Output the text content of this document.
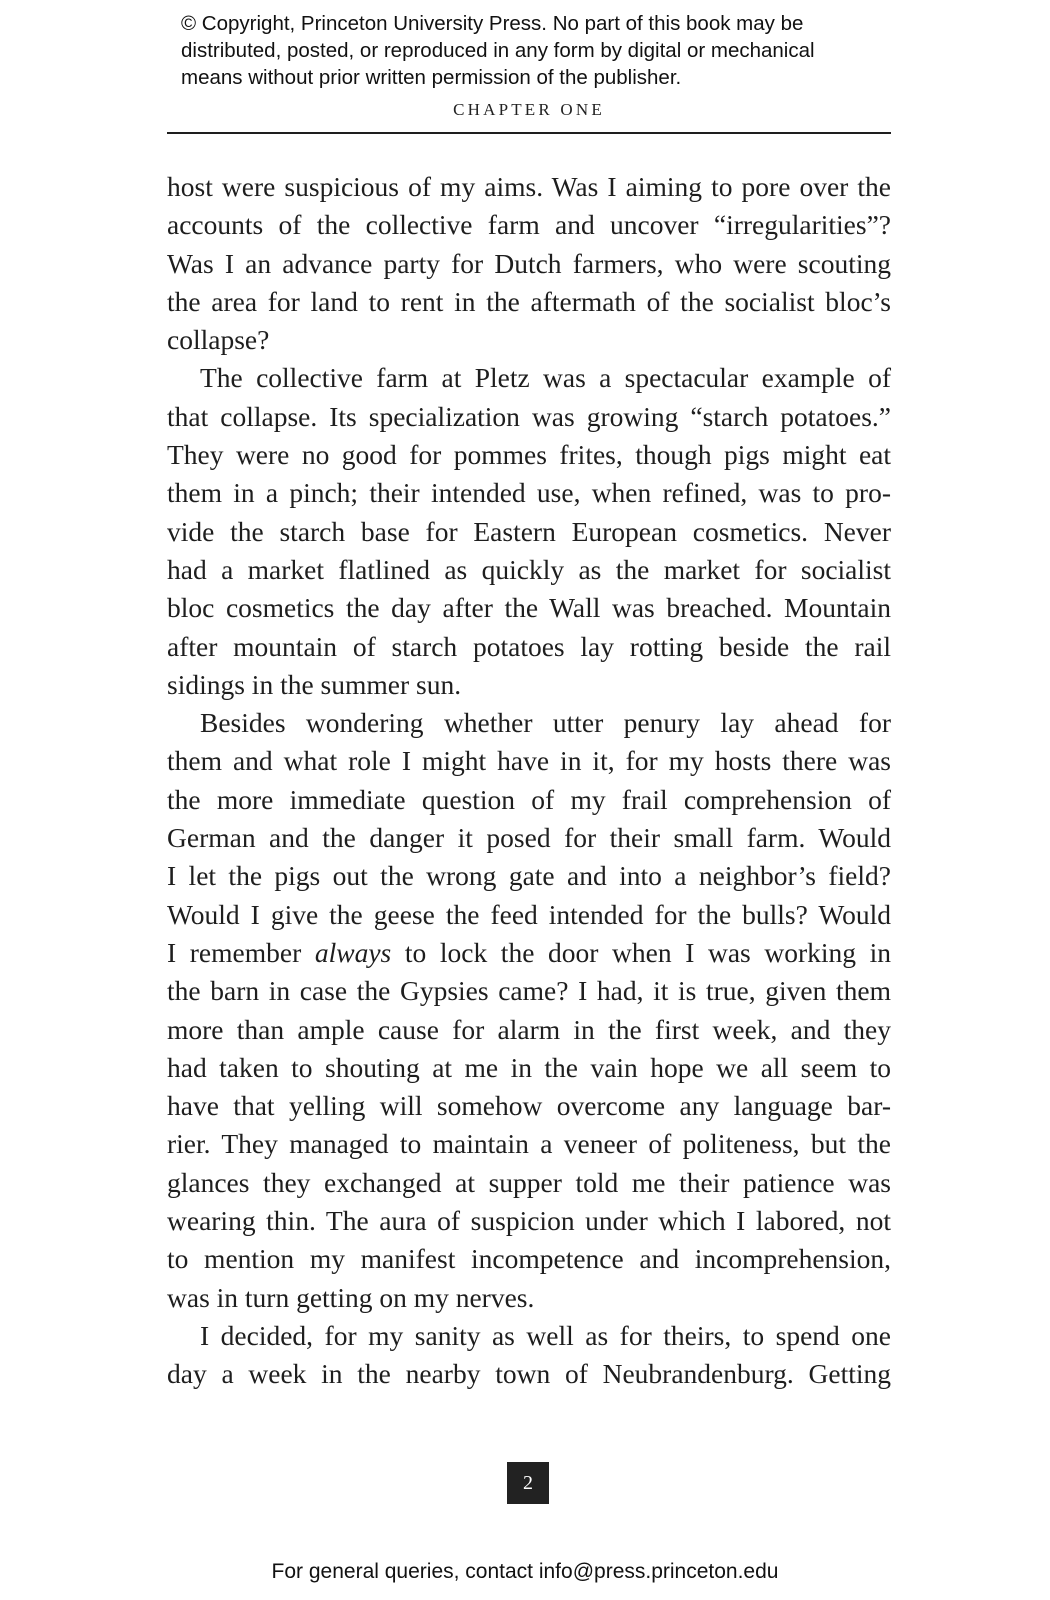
© Copyright, Princeton University Press. No part of this book may be
distributed, posted, or reproduced in any form by digital or mechanical
means without prior written permission of the publisher.
CHAPTER ONE
host were suspicious of my aims. Was I aiming to pore over the
accounts of the collective farm and uncover “irregularities”?
Was I an advance party for Dutch farmers, who were scouting
the area for land to rent in the aftermath of the socialist bloc’s
collapse?
The collective farm at Pletz was a spectacular example of
that collapse. Its specialization was growing “starch potatoes.”
They were no good for pommes frites, though pigs might eat
them in a pinch; their intended use, when refined, was to pro-
vide the starch base for Eastern European cosmetics. Never
had a market flatlined as quickly as the market for socialist
bloc cosmetics the day after the Wall was breached. Mountain
after mountain of starch potatoes lay rotting beside the rail
sidings in the summer sun.
Besides wondering whether utter penury lay ahead for
them and what role I might have in it, for my hosts there was
the more immediate question of my frail comprehension of
German and the danger it posed for their small farm. Would
I let the pigs out the wrong gate and into a neighbor’s field?
Would I give the geese the feed intended for the bulls? Would
I remember always to lock the door when I was working in
the barn in case the Gypsies came? I had, it is true, given them
more than ample cause for alarm in the first week, and they
had taken to shouting at me in the vain hope we all seem to
have that yelling will somehow overcome any language bar-
rier. They managed to maintain a veneer of politeness, but the
glances they exchanged at supper told me their patience was
wearing thin. The aura of suspicion under which I labored, not
to mention my manifest incompetence and incomprehension,
was in turn getting on my nerves.
I decided, for my sanity as well as for theirs, to spend one
day a week in the nearby town of Neubrandenburg. Getting
2
For general queries, contact info@press.princeton.edu
